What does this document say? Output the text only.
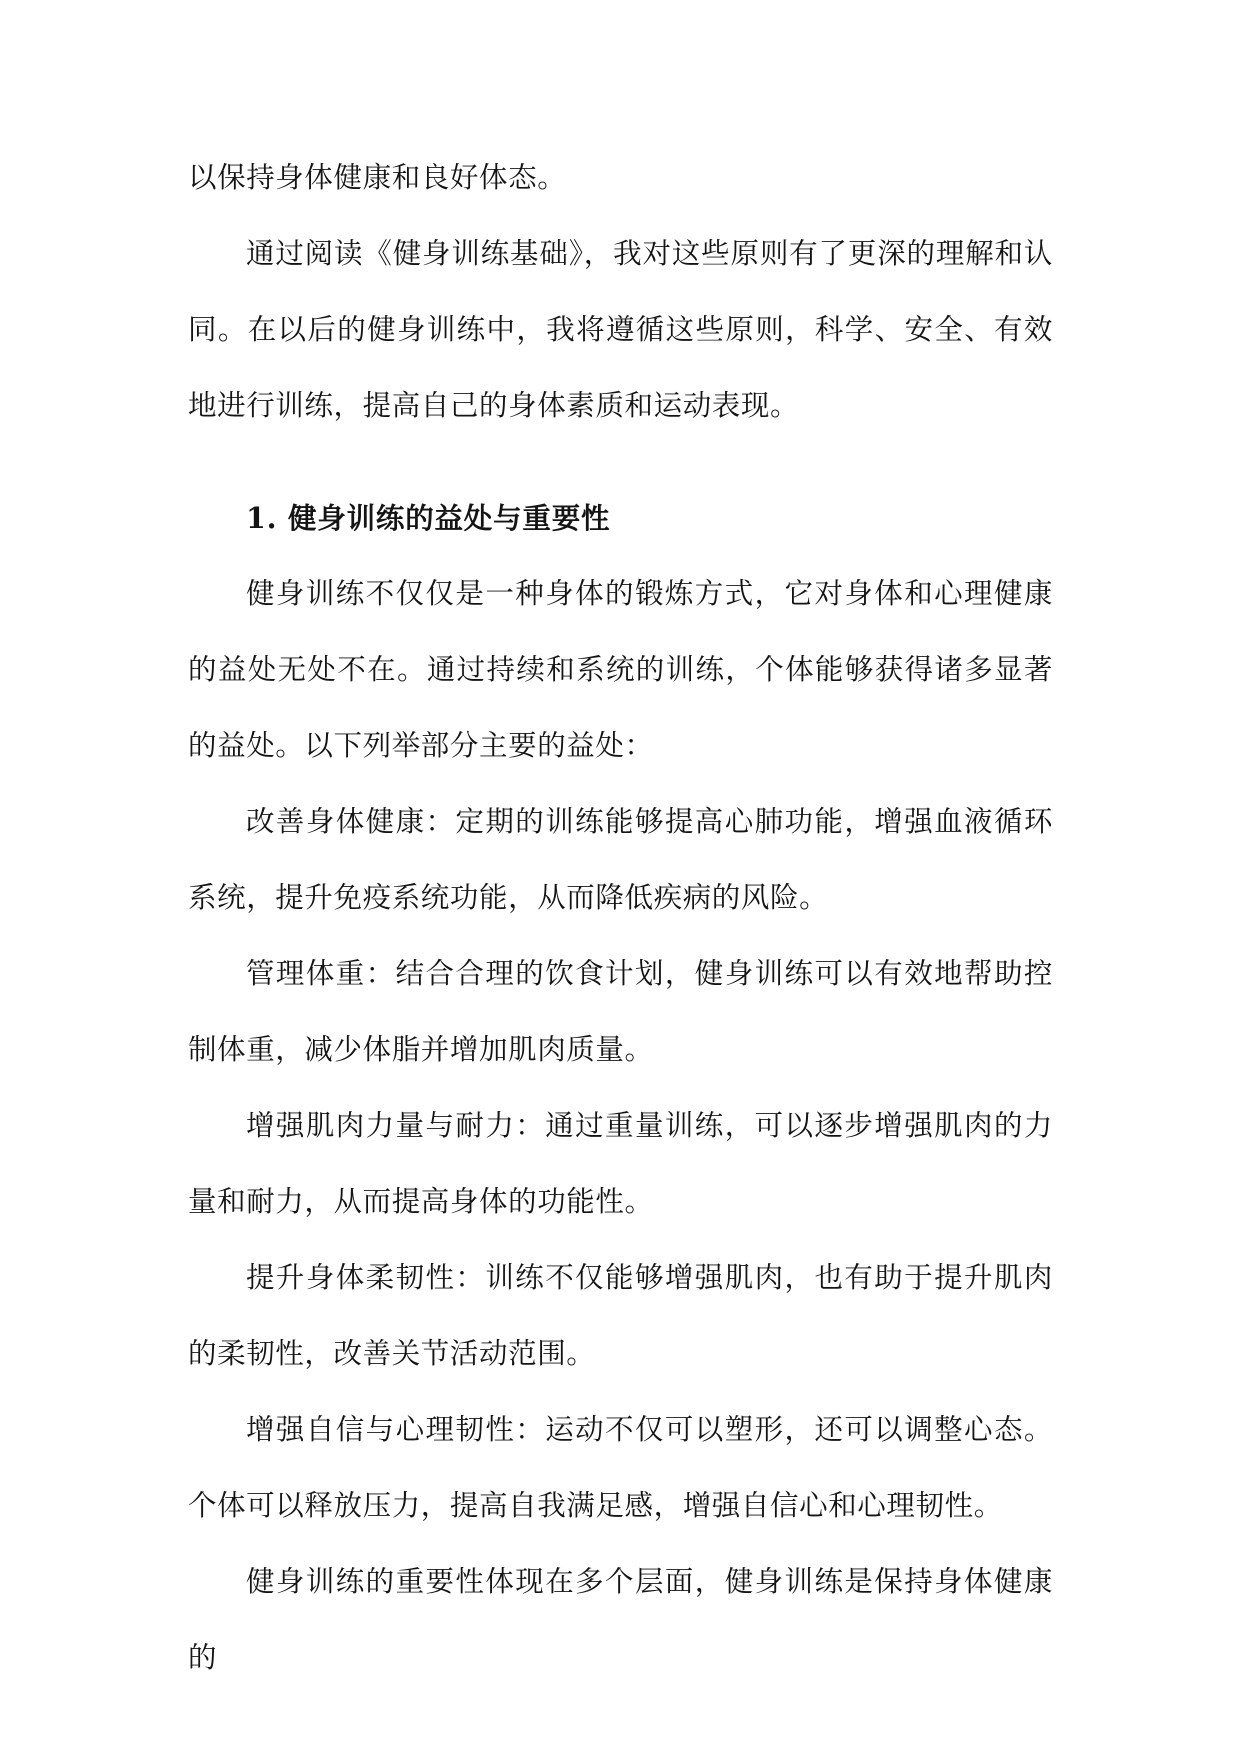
以保持身体健康和良好体态。

通过阅读《健身训练基础》，我对这些原则有了更深的理解和认同。在以后的健身训练中，我将遵循这些原则，科学、安全、有效地进行训练，提高自己的身体素质和运动表现。

1. 健身训练的益处与重要性

健身训练不仅仅是一种身体的锻炼方式，它对身体和心理健康的益处无处不在。通过持续和系统的训练，个体能够获得诸多显著的益处。以下列举部分主要的益处：

改善身体健康：定期的训练能够提高心肺功能，增强血液循环系统，提升免疫系统功能，从而降低疾病的风险。

管理体重：结合合理的饮食计划，健身训练可以有效地帮助控制体重，减少体脂并增加肌肉质量。

增强肌肉力量与耐力：通过重量训练，可以逐步增强肌肉的力量和耐力，从而提高身体的功能性。

提升身体柔韧性：训练不仅能够增强肌肉，也有助于提升肌肉的柔韧性，改善关节活动范围。

增强自信与心理韧性：运动不仅可以塑形，还可以调整心态。个体可以释放压力，提高自我满足感，增强自信心和心理韧性。

健身训练的重要性体现在多个层面，健身训练是保持身体健康的
